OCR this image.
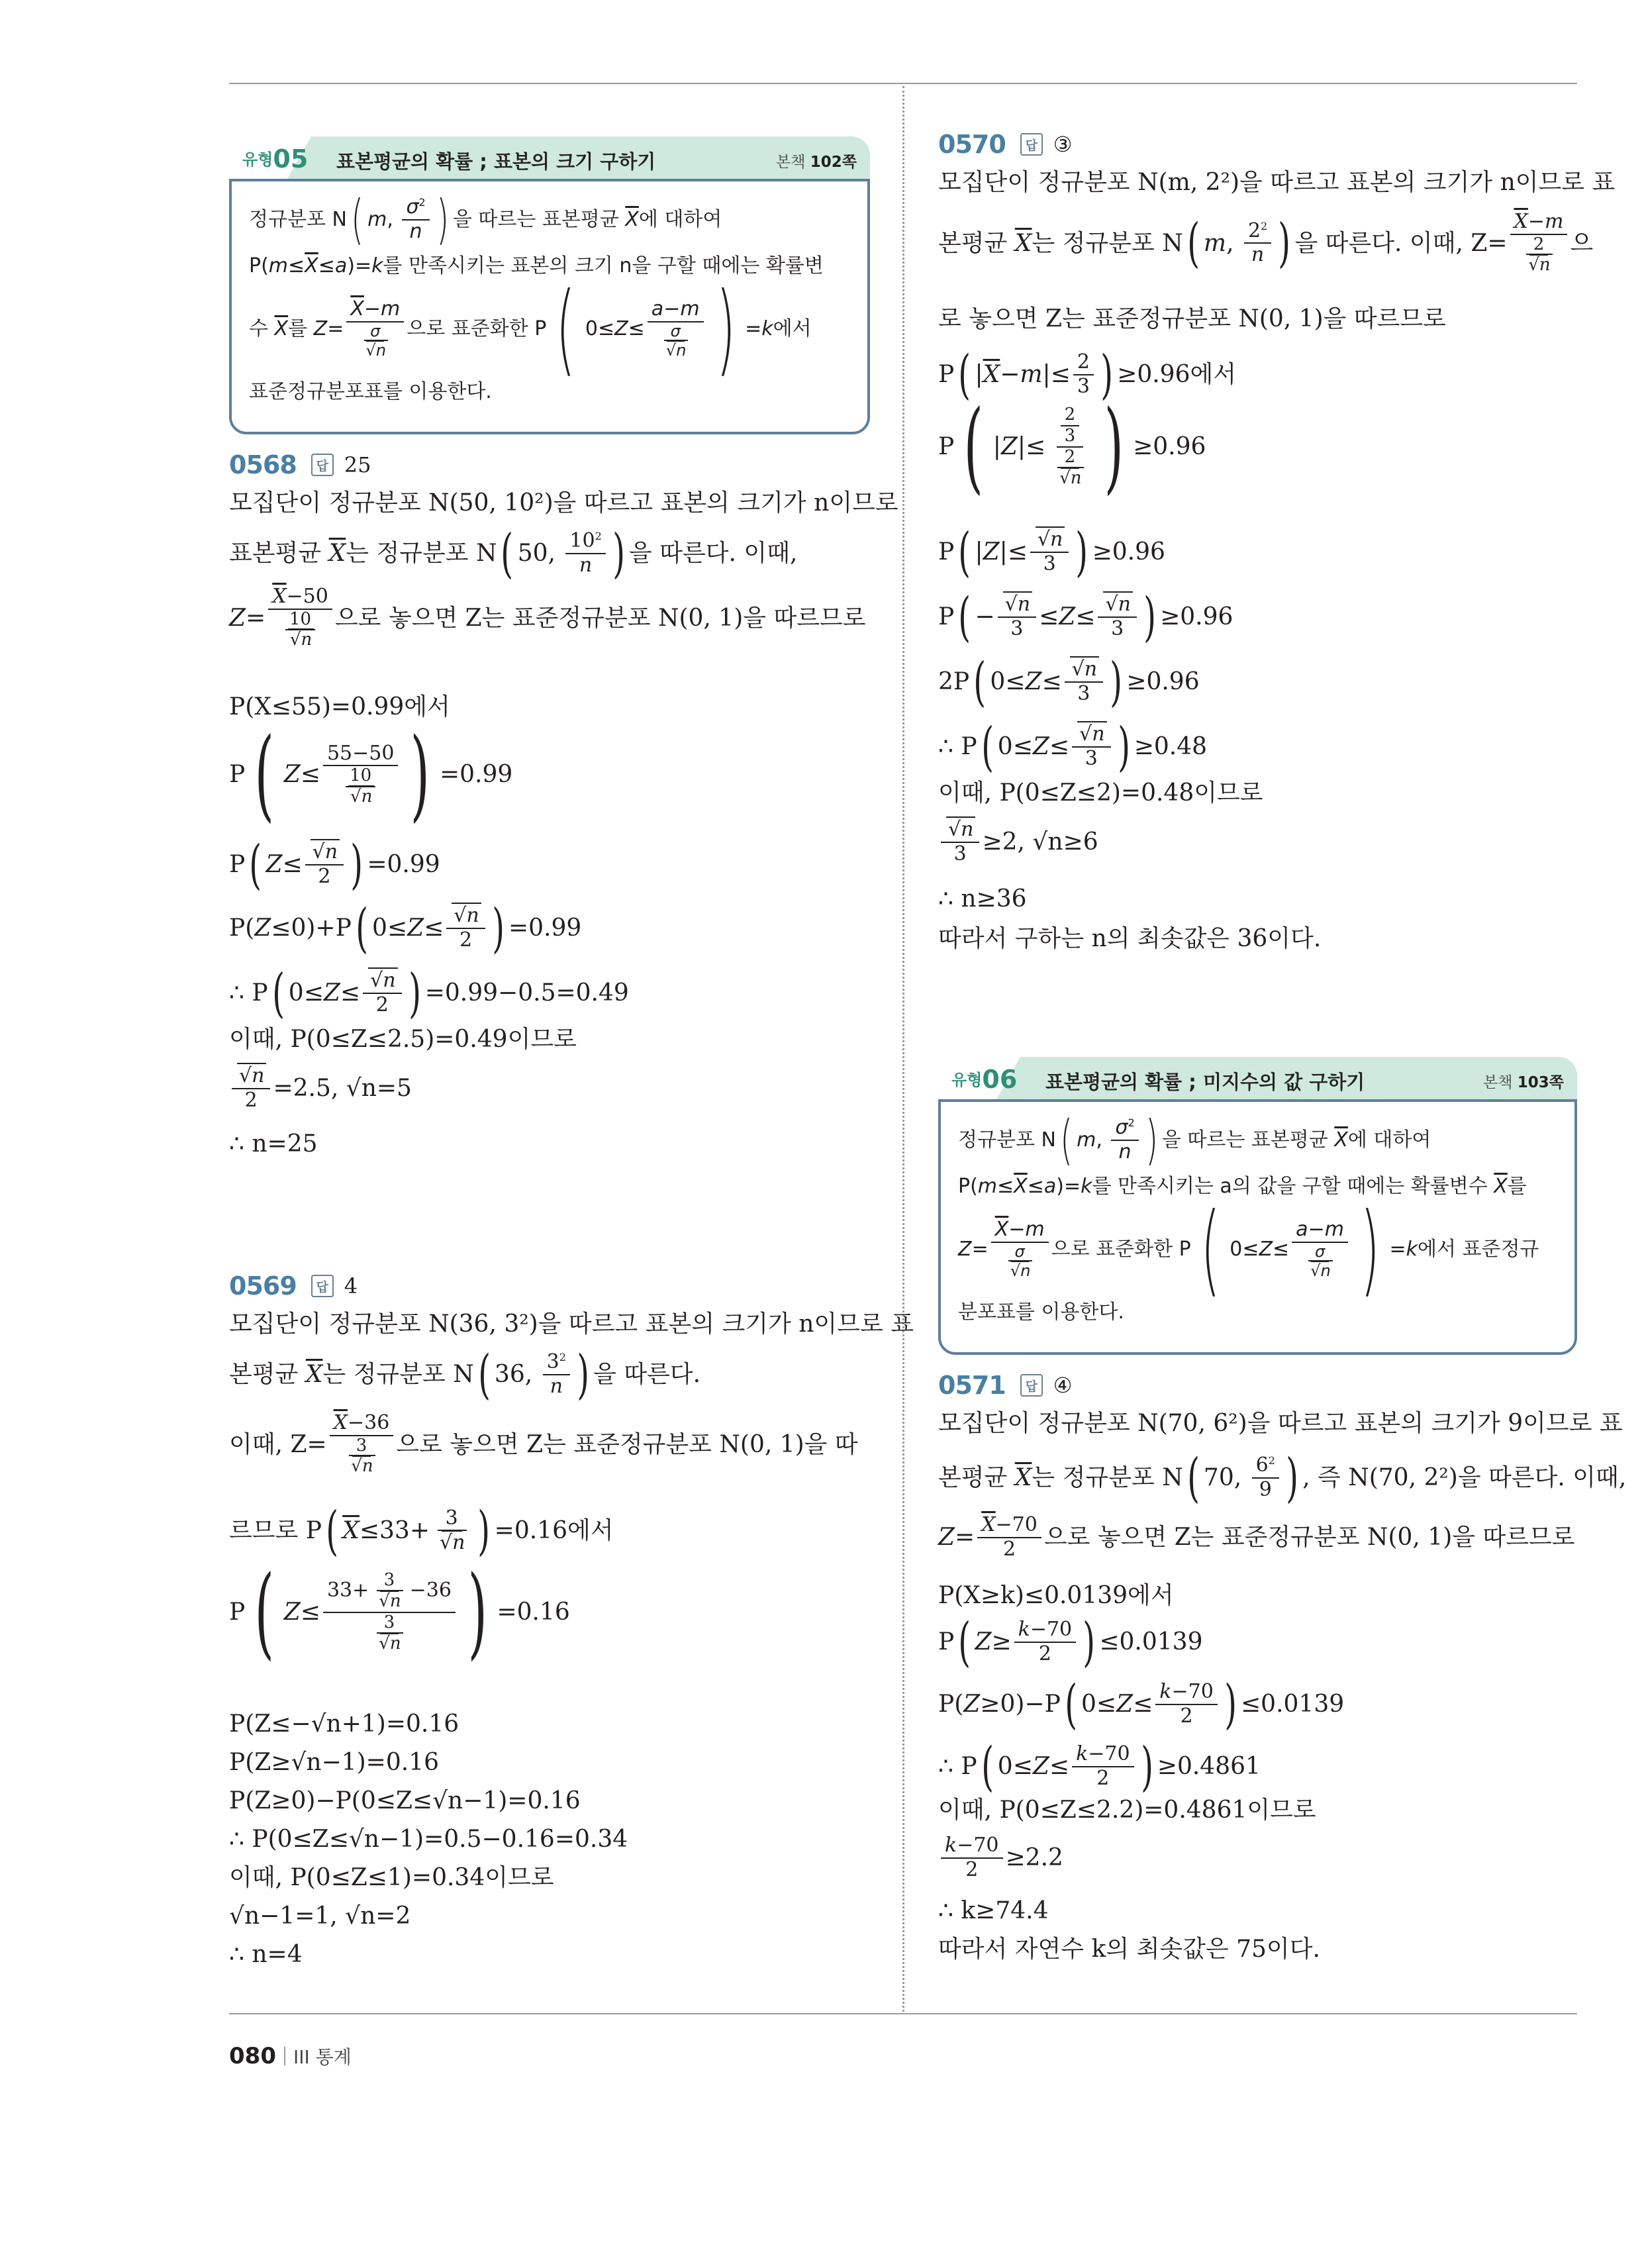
유형05 표본평균의 확률 ; 표본의 크기 구하기	본책 102쪽
정규분포 N ( m , $\frac{\sigma^2}{n}$ ) 을 따르는 표본평균
$\overline{X}$ 에 대하여
P( $m \le \overline{X} \le a$ )= k 를 만족시키는 표본의 크기 n을 구할 때에는 확률변
수
$\overline{X}$ 를
$Z = \overline{X}-m$
σ
√ n 으로 표준화한 P ( 0≤ Z ≤ a−m
σ
√ n ) = k 에서
표준정규분포표를 이용한다.
0568	답 25
모집단이 정규분포 N(50, 10²)을 따르고 표본의 크기가 n이므로
표본평균
$\overline{X}$ 는 정규분포 N ( 50, $\frac{10^2}{n}$ ) 을 따른다. 이때,
$Z = \overline{X}-50$
10
√ n 으로 놓으면 Z는 표준정규분포 N(0, 1)을 따르므로
P(X≤55)=0.99에서
P ( Z ≤ 55−50
10
√ n ) =0.99
P ( Z ≤ √ $\frac{n}{2}$ ) =0.99
P( Z ≤0)+P ( 0≤ Z ≤ √ $\frac{n}{2}$ ) =0.99
∴ P ( 0≤ Z ≤ √ $\frac{n}{2}$ ) =0.99−0.5=0.49
이때, P(0≤Z≤2.5)=0.49이므로
√ $\frac{n}{2} =2.5$, √n=5
∴ n=25
0569	답 4
모집단이 정규분포 N(36, 3²)을 따르고 표본의 크기가 n이므로 표
본평균
$\overline{X}$ 는 정규분포 N ( 36, $\frac{3^2}{n}$ ) 을 따른다.
이때, $Z= \overline{X}-36$
3
√ n 으로 놓으면 Z는 표준정규분포 N(0, 1)을 따
르므로 P ( $\overline{X} \le 33+ 3$
√ n ) =0.16에서
P ( Z ≤ 33+ 3
√ n −36
3
√ n ) =0.16
P(Z≤−√n+1)=0.16
P(Z≥√n−1)=0.16
P(Z≥0)−P(0≤Z≤√n−1)=0.16
∴ P(0≤Z≤√n−1)=0.5−0.16=0.34
이때, P(0≤Z≤1)=0.34이므로
√n−1=1, √n=2
∴ n=4
0570	답 ③
모집단이 정규분포 N(m, 2²)을 따르고 표본의 크기가 n이므로 표
본평균
$\overline{X}$ 는 정규분포 N ( m , $\frac{2^2}{n}$ ) 을 따른다. 이때, $Z= \overline{X}-m$
2
√ n 으
로 놓으면 Z는 표준정규분포 N(0, 1)을 따르므로
P ( | $\overline{X} - m$ |≤ $\frac{2}{3}$ ) ≥0.96에서
P ( | Z |≤ $\frac{2}{3}$
2
√ n ) ≥0.96
P ( | Z |≤ √ $\frac{n}{3}$ ) ≥0.96
P ( − √ $\frac{n}{3} \le Z$ ≤ √ $\frac{n}{3}$ ) ≥0.96
2P ( 0≤ Z ≤ √ $\frac{n}{3}$ ) ≥0.96
∴ P ( 0≤ Z ≤ √ $\frac{n}{3}$ ) ≥0.48
이때, P(0≤Z≤2)=0.48이므로
√ $\frac{n}{3} \ge 2$, √n≥6
∴ n≥36
따라서 구하는 n의 최솟값은 36이다.
유형06 표본평균의 확률 ; 미지수의 값 구하기	본책 103쪽
정규분포 N ( m , $\frac{\sigma^2}{n}$ ) 을 따르는 표본평균
$\overline{X}$ 에 대하여
P( $m \le \overline{X} \le a$ )= k 를 만족시키는 a의 값을 구할 때에는 확률변수
$\overline{X}$ 를
$Z = \overline{X}-m$
σ
√ n 으로 표준화한 P ( 0≤ Z ≤ a−m
σ
√ n ) = k 에서 표준정규
분포표를 이용한다.
0571	답 ④
모집단이 정규분포 N(70, 6²)을 따르고 표본의 크기가 9이므로 표
본평균
$\overline{X}$ 는 정규분포 N ( 70, $\frac{6^2}{9}$ ) , 즉 N(70, 2²)을 따른다. 이때,
$Z = \frac{\overline{X}-70}{2}$ 으로 놓으면 Z는 표준정규분포 N(0, 1)을 따르므로
P(X≥k)≤0.0139에서
P ( $Z \ge \frac{k-70}{2}$ ) ≤0.0139
P( Z ≥0)−P ( $0\le Z \le \frac{k-70}{2}$ ) ≤0.0139
∴ P ( $0\le Z \le \frac{k-70}{2}$ ) ≥0.4861
이때, P(0≤Z≤2.2)=0.4861이므로
$\frac{k-70}{2} \ge 2.2$
∴ k≥74.4
따라서 자연수 k의 최솟값은 75이다.
080 III 통계
